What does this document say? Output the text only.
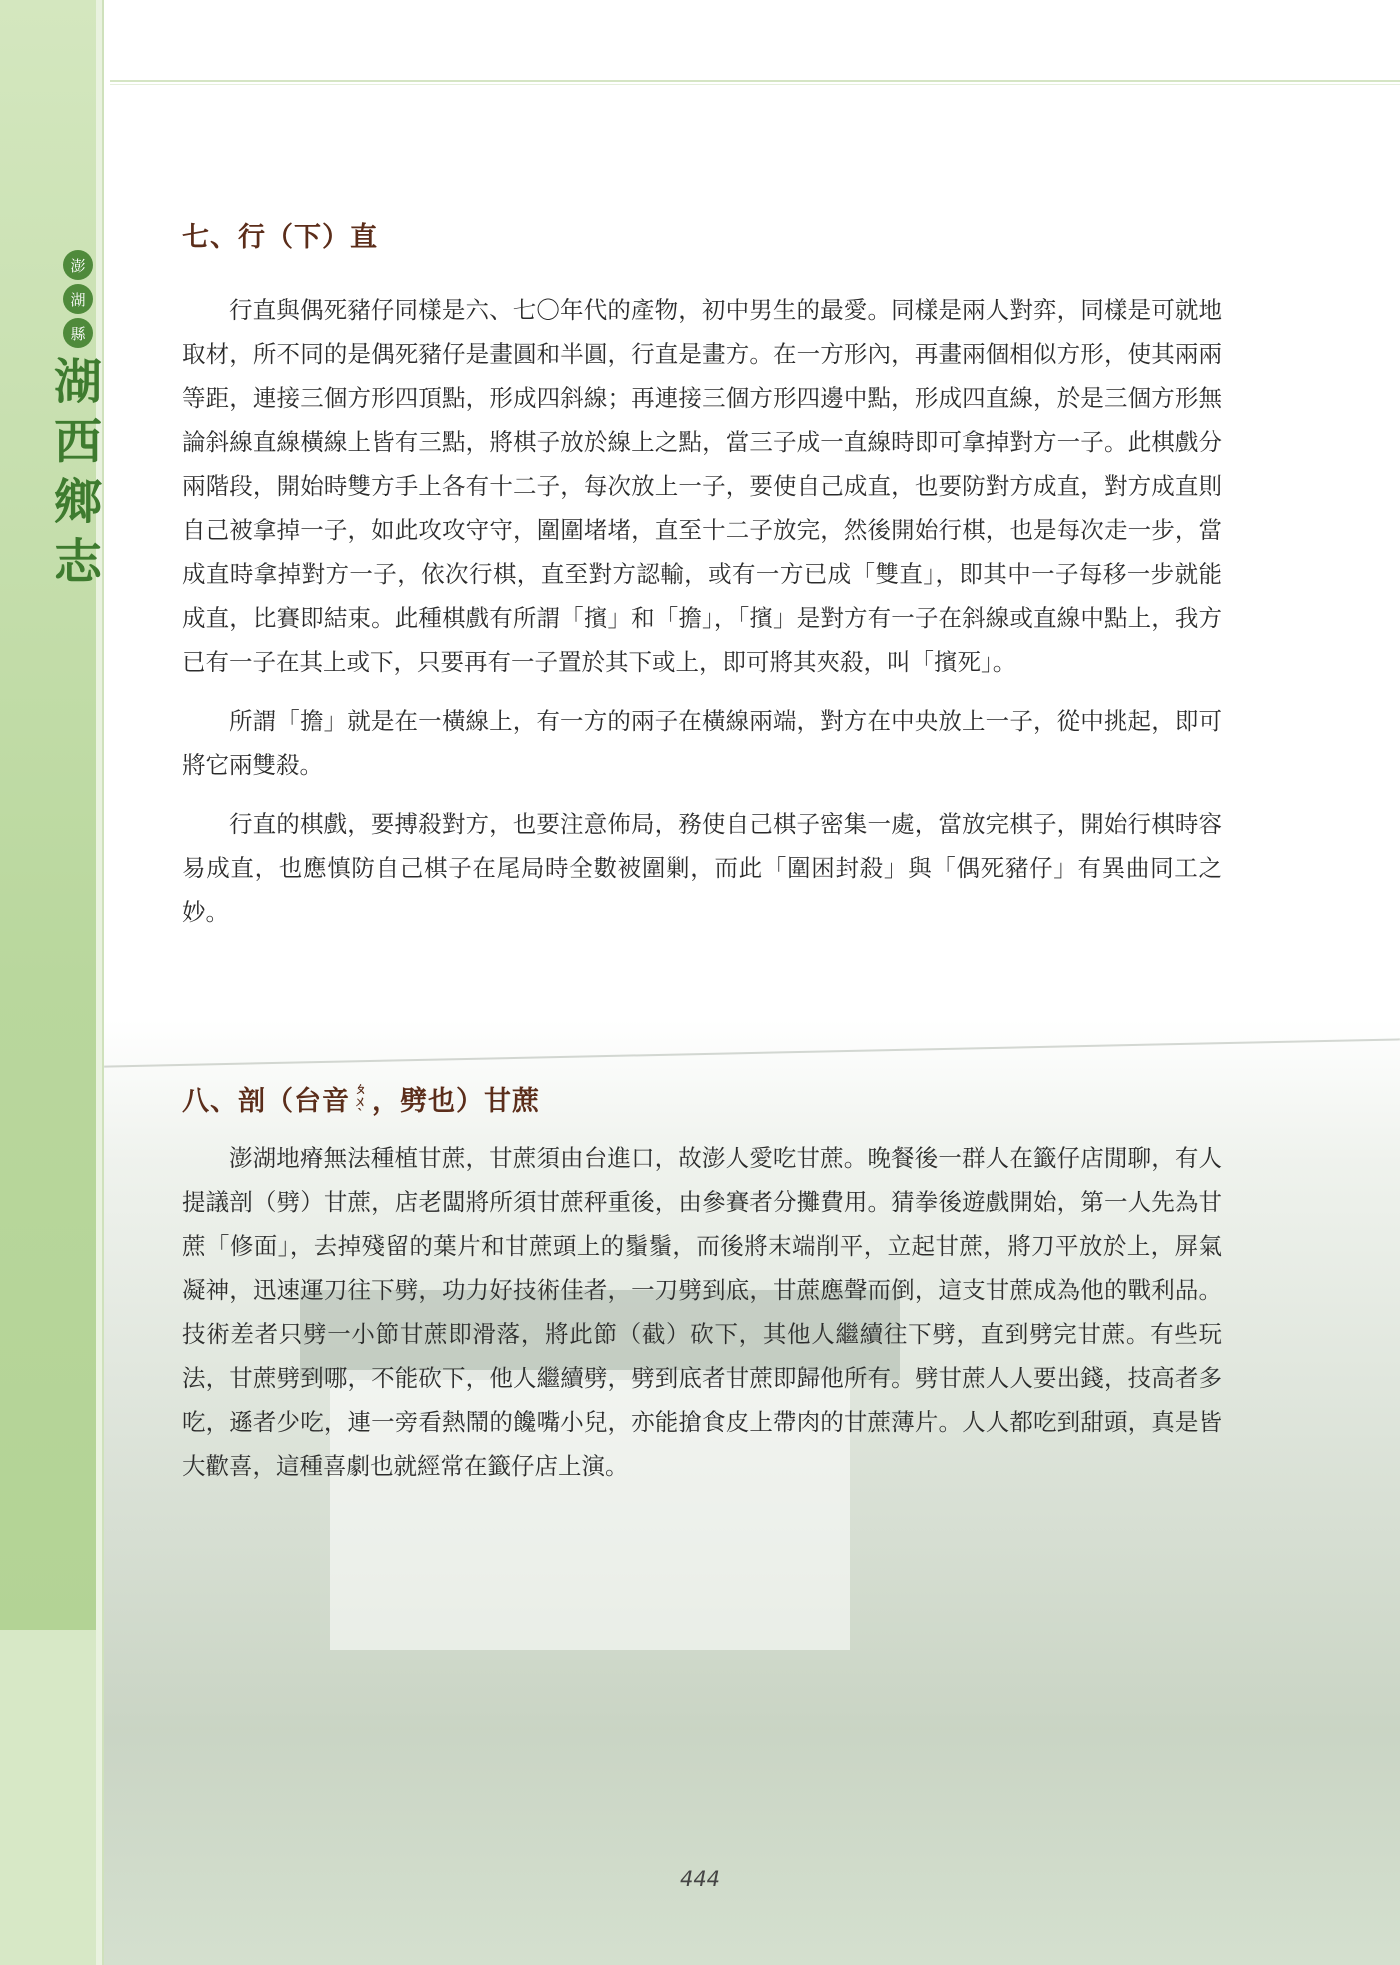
澎
湖
縣
湖
西
鄉
志
七、行（下）直

行直與偶死豬仔同樣是六、七〇年代的產物，初中男生的最愛。同樣是兩人對弈，同樣是可就地取材，所不同的是偶死豬仔是畫圓和半圓，行直是畫方。在一方形內，再畫兩個相似方形，使其兩兩等距，連接三個方形四頂點，形成四斜線；再連接三個方形四邊中點，形成四直線，於是三個方形無論斜線直線橫線上皆有三點，將棋子放於線上之點，當三子成一直線時即可拿掉對方一子。此棋戲分兩階段，開始時雙方手上各有十二子，每次放上一子，要使自己成直，也要防對方成直，對方成直則自己被拿掉一子，如此攻攻守守，圍圍堵堵，直至十二子放完，然後開始行棋，也是每次走一步，當成直時拿掉對方一子，依次行棋，直至對方認輸，或有一方已成「雙直」，即其中一子每移一步就能成直，比賽即結束。此種棋戲有所謂「擯」和「擔」，「擯」是對方有一子在斜線或直線中點上，我方已有一子在其上或下，只要再有一子置於其下或上，即可將其夾殺，叫「擯死」。

所謂「擔」就是在一橫線上，有一方的兩子在橫線兩端，對方在中央放上一子，從中挑起，即可將它兩雙殺。

行直的棋戲，要搏殺對方，也要注意佈局，務使自己棋子密集一處，當放完棋子，開始行棋時容易成直，也應慎防自己棋子在尾局時全數被圍剿，而此「圍困封殺」與「偶死豬仔」有異曲同工之妙。

八、剖（台音 ㄆ
ㄨ
ˋ ，劈也）甘蔗

澎湖地瘠無法種植甘蔗，甘蔗須由台進口，故澎人愛吃甘蔗。晚餐後一群人在籤仔店閒聊，有人提議剖（劈）甘蔗，店老闆將所須甘蔗秤重後，由參賽者分攤費用。猜拳後遊戲開始，第一人先為甘蔗「修面」，去掉殘留的葉片和甘蔗頭上的鬚鬚，而後將末端削平，立起甘蔗，將刀平放於上，屏氣凝神，迅速運刀往下劈，功力好技術佳者，一刀劈到底，甘蔗應聲而倒，這支甘蔗成為他的戰利品。技術差者只劈一小節甘蔗即滑落，將此節（截）砍下，其他人繼續往下劈，直到劈完甘蔗。有些玩法，甘蔗劈到哪，不能砍下，他人繼續劈，劈到底者甘蔗即歸他所有。劈甘蔗人人要出錢，技高者多吃，遜者少吃，連一旁看熱鬧的饞嘴小兒，亦能搶食皮上帶肉的甘蔗薄片。人人都吃到甜頭，真是皆大歡喜，這種喜劇也就經常在籤仔店上演。

444
